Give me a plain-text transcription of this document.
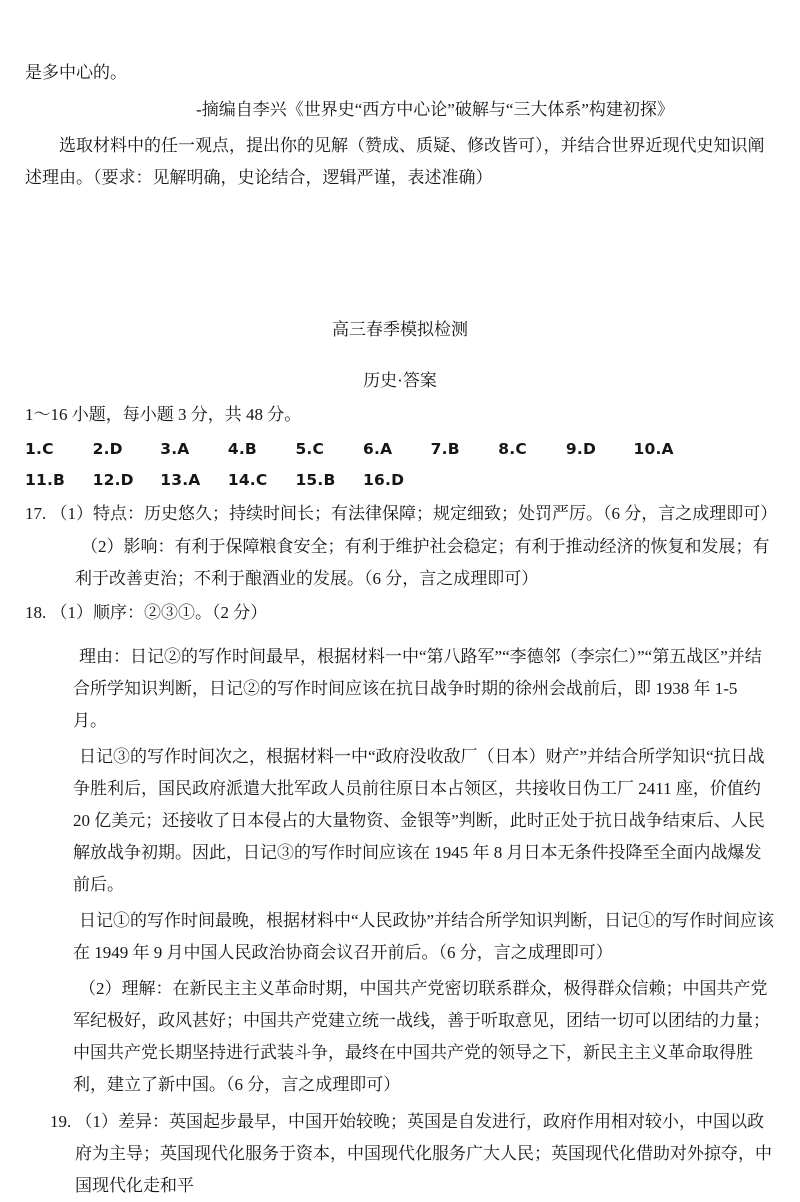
是多中心的。

-摘编自李兴《世界史“西方中心论”破解与“三大体系”构建初探》

选取材料中的任一观点，提出你的见解（赞成、质疑、修改皆可），并结合世界近现代史知识阐述理由。（要求：见解明确，史论结合，逻辑严谨，表述准确）

高三春季模拟检测
历史·答案

1～16 小题，每小题 3 分，共 48 分。

1.C	2.D 3.A 4.B 5.C	6.A 7.B 8.C	9.D 10.A

11.B 12.D 13.A 14.C 15.B 16.D

17. （1）特点：历史悠久；持续时间长；有法律保障；规定细致；处罚严厉。（6 分，言之成理即可）

（2）影响：有利于保障粮食安全；有利于维护社会稳定；有利于推动经济的恢复和发展；有利于改善吏治；不利于酿酒业的发展。（6 分，言之成理即可）

18. （1）顺序：②③①。（2 分）

理由：日记②的写作时间最早，根据材料一中“第八路军”“李德邻（李宗仁）”“第五战区”并结合所学知识判断，日记②的写作时间应该在抗日战争时期的徐州会战前后，即 1938 年 1-5 月。

日记③的写作时间次之，根据材料一中“政府没收敌厂（日本）财产”并结合所学知识“抗日战争胜利后，国民政府派遣大批军政人员前往原日本占领区，共接收日伪工厂 2411 座，价值约 20 亿美元；还接收了日本侵占的大量物资、金银等”判断，此时正处于抗日战争结束后、人民解放战争初期。因此，日记③的写作时间应该在 1945 年 8 月日本无条件投降至全面内战爆发前后。

日记①的写作时间最晚，根据材料中“人民政协”并结合所学知识判断，日记①的写作时间应该在 1949 年 9 月中国人民政治协商会议召开前后。（6 分，言之成理即可）

（2）理解：在新民主主义革命时期，中国共产党密切联系群众，极得群众信赖；中国共产党军纪极好，政风甚好；中国共产党建立统一战线，善于听取意见，团结一切可以团结的力量；中国共产党长期坚持进行武装斗争，最终在中国共产党的领导之下，新民主主义革命取得胜利，建立了新中国。（6 分，言之成理即可）

19. （1）差异：英国起步最早，中国开始较晚；英国是自发进行，政府作用相对较小，中国以政府为主导；英国现代化服务于资本，中国现代化服务广大人民；英国现代化借助对外掠夺，中国现代化走和平
